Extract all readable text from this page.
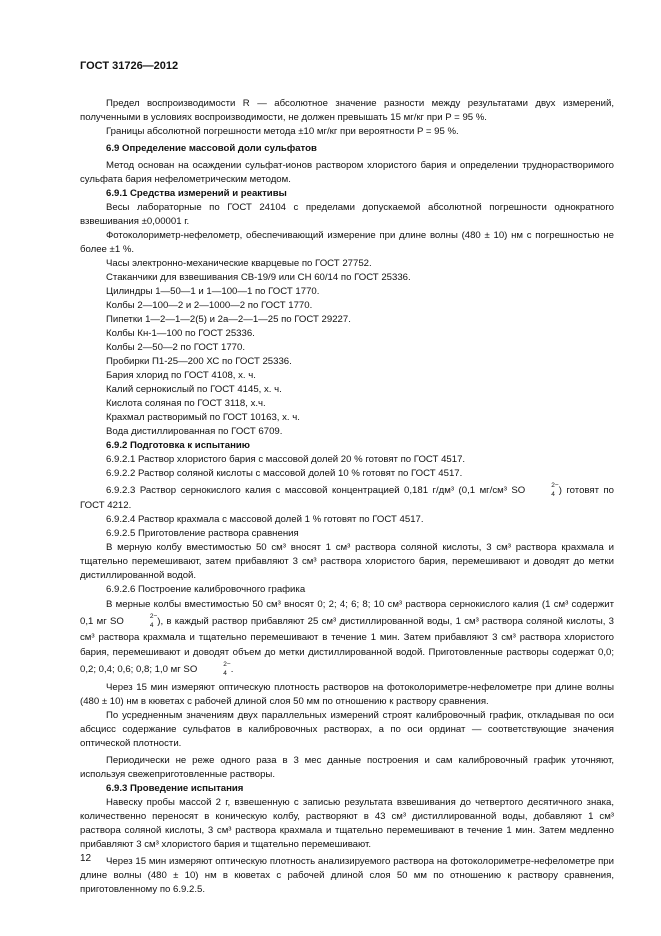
ГОСТ 31726—2012

Предел воспроизводимости R — абсолютное значение разности между результатами двух измерений, полученными в условиях воспроизводимости, не должен превышать 15 мг/кг при P = 95 %.

Границы абсолютной погрешности метода ±10 мг/кг при вероятности P = 95 %.

6.9 Определение массовой доли сульфатов

Метод основан на осаждении сульфат-ионов раствором хлористого бария и определении труднорастворимого сульфата бария нефелометрическим методом.

6.9.1 Средства измерений и реактивы

Весы лабораторные по ГОСТ 24104 с пределами допускаемой абсолютной погрешности однократного взвешивания ±0,00001 г.

Фотоколориметр-нефелометр, обеспечивающий измерение при длине волны (480 ± 10) нм с погрешностью не более ±1 %.

Часы электронно-механические кварцевые по ГОСТ 27752.

Стаканчики для взвешивания СВ-19/9 или СН 60/14 по ГОСТ 25336.

Цилиндры 1—50—1 и 1—100—1 по ГОСТ 1770.

Колбы 2—100—2 и 2—1000—2 по ГОСТ 1770.

Пипетки 1—2—1—2(5) и 2а—2—1—25 по ГОСТ 29227.

Колбы Кн-1—100 по ГОСТ 25336.

Колбы 2—50—2 по ГОСТ 1770.

Пробирки П1-25—200 ХС по ГОСТ 25336.

Бария хлорид по ГОСТ 4108, х. ч.

Калий сернокислый по ГОСТ 4145, х. ч.

Кислота соляная по ГОСТ 3118, х.ч.

Крахмал растворимый по ГОСТ 10163, х. ч.

Вода дистиллированная по ГОСТ 6709.

6.9.2 Подготовка к испытанию

6.9.2.1 Раствор хлористого бария с массовой долей 20 % готовят по ГОСТ 4517.

6.9.2.2 Раствор соляной кислоты с массовой долей 10 % готовят по ГОСТ 4517.

6.9.2.3 Раствор сернокислого калия с массовой концентрацией 0,181 г/дм³ (0,1 мг/см³ SO	2−
4 ) готовят по ГОСТ 4212.

6.9.2.4 Раствор крахмала с массовой долей 1 % готовят по ГОСТ 4517.

6.9.2.5 Приготовление раствора сравнения

В мерную колбу вместимостью 50 см³ вносят 1 см³ раствора соляной кислоты, 3 см³ раствора крахмала и тщательно перемешивают, затем прибавляют 3 см³ раствора хлористого бария, перемешивают и доводят до метки дистиллированной водой.

6.9.2.6 Построение калибровочного графика

В мерные колбы вместимостью 50 см³ вносят 0; 2; 4; 6; 8; 10 см³ раствора сернокислого калия (1 см³ содержит 0,1 мг SO	2−
4 ), в каждый раствор прибавляют 25 см³ дистиллированной воды, 1 см³ раствора соляной кислоты, 3 см³ раствора крахмала и тщательно перемешивают в течение 1 мин. Затем прибавляют 3 см³ раствора хлористого бария, перемешивают и доводят объем до метки дистиллированной водой. Приготовленные растворы содержат 0,0; 0,2; 0,4; 0,6; 0,8; 1,0 мг SO	2−
4 .

Через 15 мин измеряют оптическую плотность растворов на фотоколориметре-нефелометре при длине волны (480 ± 10) нм в кюветах с рабочей длиной слоя 50 мм по отношению к раствору сравнения.

По усредненным значениям двух параллельных измерений строят калибровочный график, откладывая по оси абсцисс содержание сульфатов в калибровочных растворах, а по оси ординат — соответствующие значения оптической плотности.

Периодически не реже одного раза в 3 мес данные построения и сам калибровочный график уточняют, используя свежеприготовленные растворы.

6.9.3 Проведение испытания

Навеску пробы массой 2 г, взвешенную с записью результата взвешивания до четвертого десятичного знака, количественно переносят в коническую колбу, растворяют в 43 см³ дистиллированной воды, добавляют 1 см³ раствора соляной кислоты, 3 см³ раствора крахмала и тщательно перемешивают в течение 1 мин. Затем медленно прибавляют 3 см³ хлористого бария и тщательно перемешивают.

Через 15 мин измеряют оптическую плотность анализируемого раствора на фотоколориметре-нефелометре при длине волны (480 ± 10) нм в кюветах с рабочей длиной слоя 50 мм по отношению к раствору сравнения, приготовленному по 6.9.2.5.

12
